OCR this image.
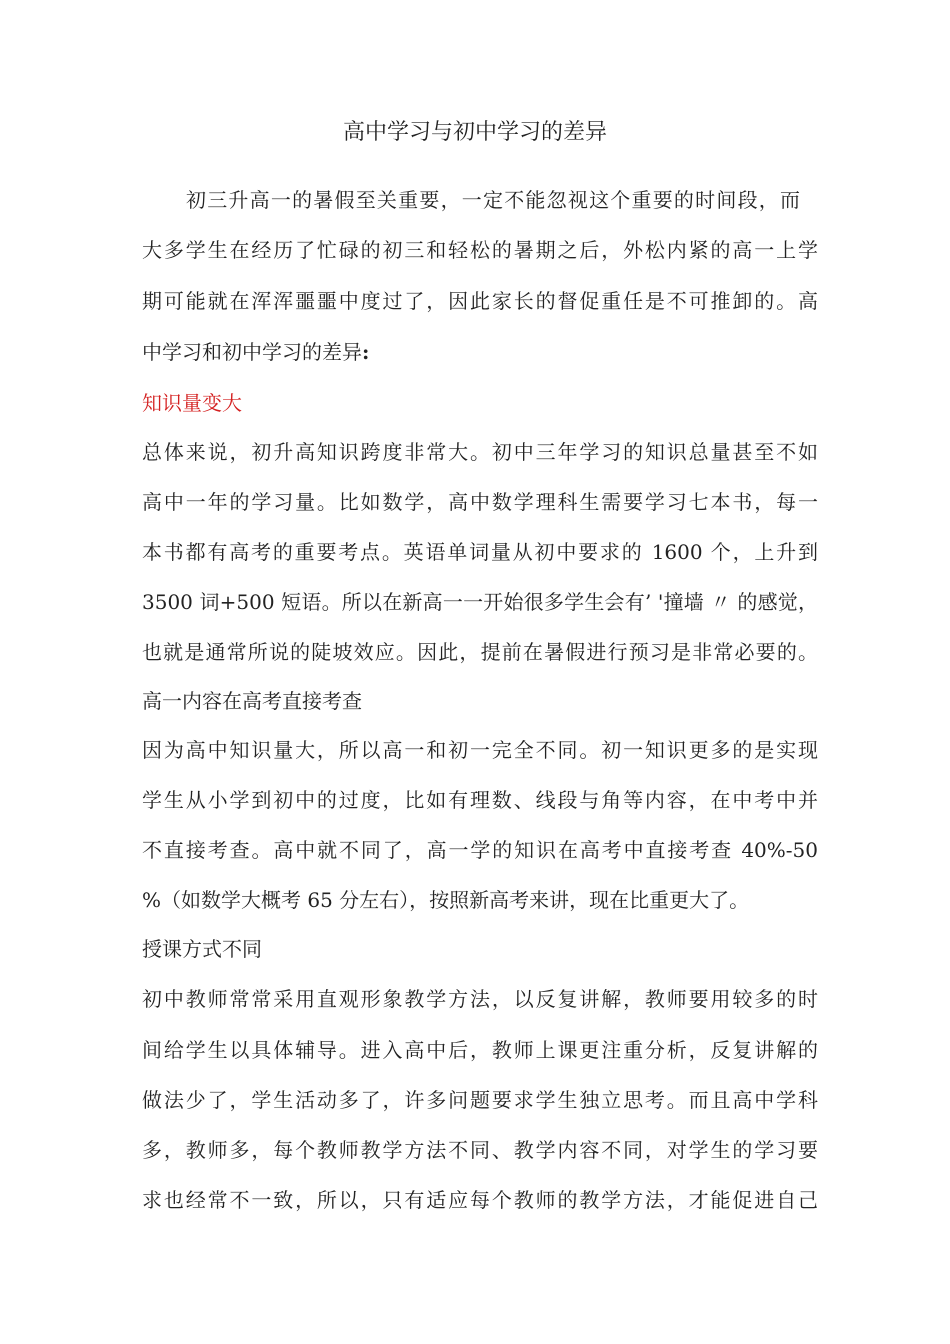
高中学习与初中学习的差异
初三升高一的暑假至关重要，一定不能忽视这个重要的时间段，而
大多学生在经历了忙碌的初三和轻松的暑期之后，外松内紧的高一上学
期可能就在浑浑噩噩中度过了，因此家长的督促重任是不可推卸的。高
中学习和初中学习的差异:
知识量变大
总体来说，初升高知识跨度非常大。初中三年学习的知识总量甚至不如
高中一年的学习量。比如数学，高中数学理科生需要学习七本书，每一
本书都有高考的重要考点。英语单词量从初中要求的 1600 个，上升到
3500 词+500 短语。所以在新高一一开始很多学生会有’ '撞墙 〃 的感觉，
也就是通常所说的陡坡效应。因此，提前在暑假进行预习是非常必要的。
高一内容在高考直接考查
因为高中知识量大，所以高一和初一完全不同。初一知识更多的是实现
学生从小学到初中的过度，比如有理数、线段与角等内容，在中考中并
不直接考查。高中就不同了，高一学的知识在高考中直接考查 40%-50
%（如数学大概考 65 分左右），按照新高考来讲，现在比重更大了。
授课方式不同
初中教师常常采用直观形象教学方法，以反复讲解，教师要用较多的时
间给学生以具体辅导。进入高中后，教师上课更注重分析，反复讲解的
做法少了，学生活动多了，许多问题要求学生独立思考。而且高中学科
多，教师多，每个教师教学方法不同、教学内容不同，对学生的学习要
求也经常不一致，所以，只有适应每个教师的教学方法，才能促进自己
